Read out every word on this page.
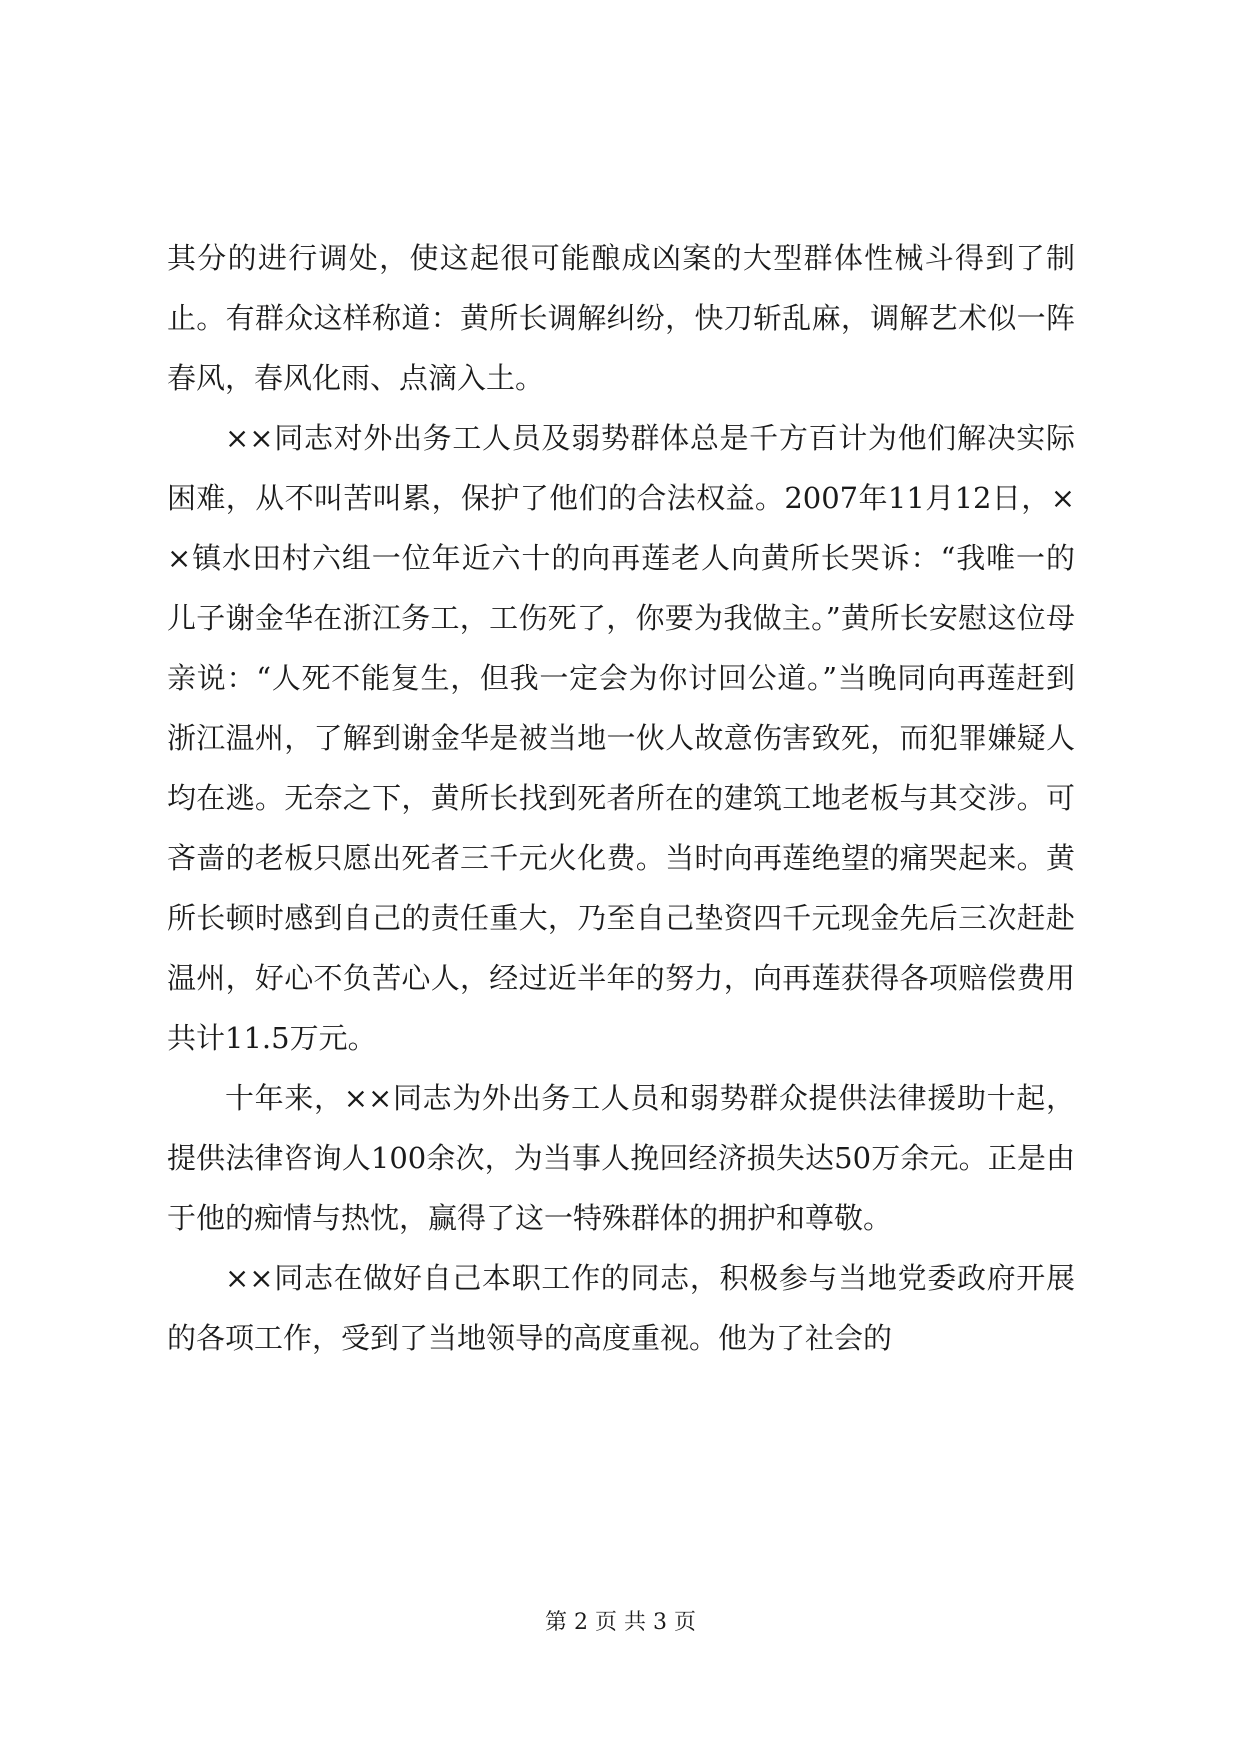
其分的进行调处，使这起很可能酿成凶案的大型群体性械斗得到了制止。有群众这样称道：黄所长调解纠纷，快刀斩乱麻，调解艺术似一阵春风，春风化雨、点滴入土。

××同志对外出务工人员及弱势群体总是千方百计为他们解决实际困难，从不叫苦叫累，保护了他们的合法权益。2007年11月12日，××镇水田村六组一位年近六十的向再莲老人向黄所长哭诉：“我唯一的儿子谢金华在浙江务工，工伤死了，你要为我做主。”黄所长安慰这位母亲说：“人死不能复生，但我一定会为你讨回公道。”当晚同向再莲赶到浙江温州，了解到谢金华是被当地一伙人故意伤害致死，而犯罪嫌疑人均在逃。无奈之下，黄所长找到死者所在的建筑工地老板与其交涉。可吝啬的老板只愿出死者三千元火化费。当时向再莲绝望的痛哭起来。黄所长顿时感到自己的责任重大，乃至自己垫资四千元现金先后三次赶赴温州，好心不负苦心人，经过近半年的努力，向再莲获得各项赔偿费用共计11.5万元。

十年来，××同志为外出务工人员和弱势群众提供法律援助十起，提供法律咨询人100余次，为当事人挽回经济损失达50万余元。正是由于他的痴情与热忱，赢得了这一特殊群体的拥护和尊敬。

××同志在做好自己本职工作的同志，积极参与当地党委政府开展的各项工作，受到了当地领导的高度重视。他为了社会的

第 2 页 共 3 页
